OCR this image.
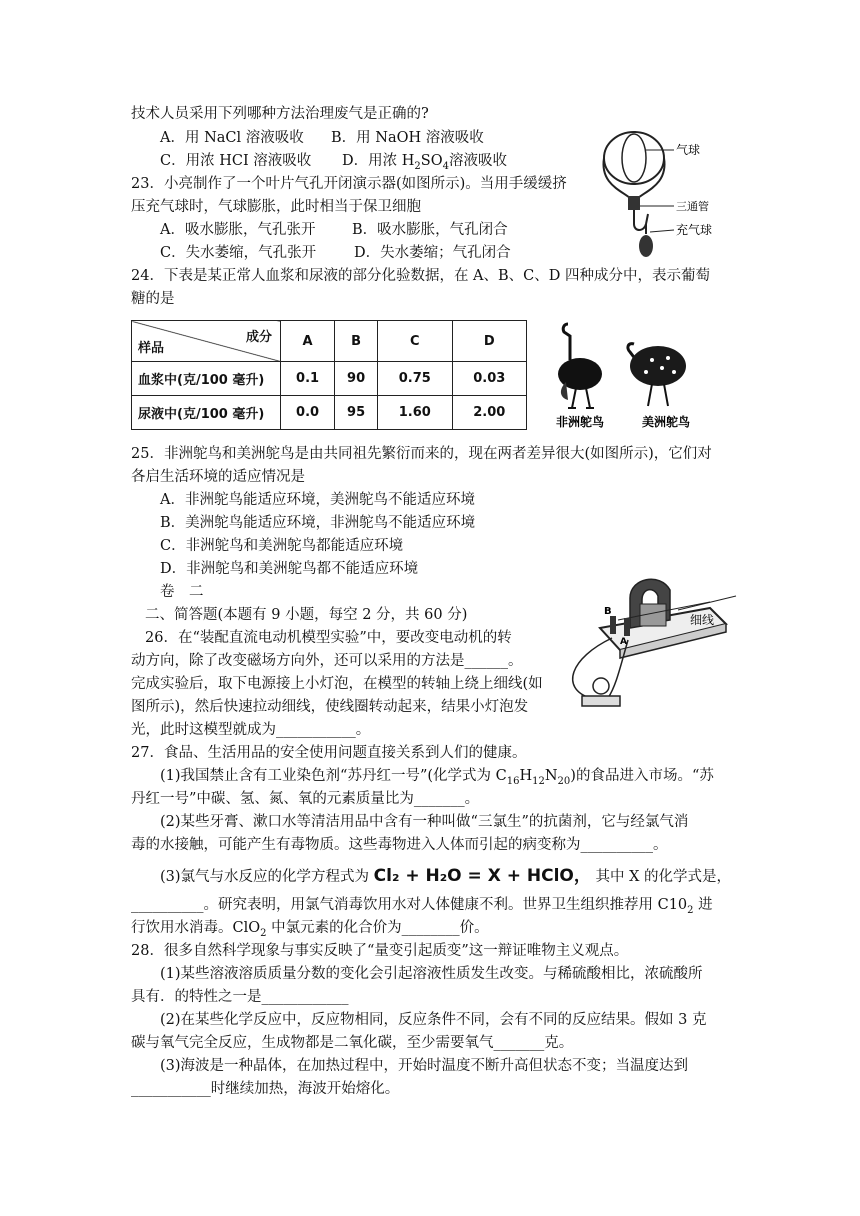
技术人员采用下列哪种方法治理废气是正确的?
A．用 NaCl 溶液吸收 B．用 NaOH 溶液吸收
C．用浓 HCI 溶液吸收 D．用浓 $H_2SO_4$溶液吸收
23．小亮制作了一个叶片气孔开闭演示器(如图所示)。当用手缓缓挤
压充气球时，气球膨胀，此时相当于保卫细胞
A．吸水膨胀，气孔张开	B．吸水膨胀，气孔闭合
C．失水萎缩，气孔张开	D．失水萎缩；气孔闭合
24．下表是某正常人血浆和尿液的部分化验数据，在 A、B、C、D 四种成分中，表示葡萄
糖的是
成分
样品	A	B	C	D
血浆中(克/100 毫升)	0.1	90	0.75	0.03
尿液中(克/100 毫升)	0.0	95	1.60	2.00
25．非洲鸵鸟和美洲鸵鸟是由共同祖先繁衍而来的，现在两者差异很大(如图所示)，它们对
各启生活环境的适应情况是
A．非洲鸵鸟能适应环境，美洲鸵鸟不能适应环境
B．美洲鸵鸟能适应环境，非洲鸵鸟不能适应环境
C．非洲鸵鸟和美洲鸵鸟都能适应环境
D．非洲鸵鸟和美洲鸵鸟都不能适应环境
卷　二
二、简答题(本题有 9 小题，每空 2 分，共 60 分)
26．在“装配直流电动机模型实验”中，要改变电动机的转
动方向，除了改变磁场方向外，还可以采用的方法是______。
完成实验后，取下电源接上小灯泡，在模型的转轴上绕上细线(如
图所示)，然后快速拉动细线，使线圈转动起来，结果小灯泡发
光，此时这模型就成为___________。
27．食品、生活用品的安全使用问题直接关系到人们的健康。
(1)我国禁止含有工业染色剂“苏丹红一号”(化学式为 $C_{16}H_{12}N_{20}$)的食品进入市场。“苏
丹红一号”中碳、氢、氮、氧的元素质量比为_______。
(2)某些牙膏、漱口水等清洁用品中含有一种叫做“三氯生”的抗菌剂，它与经氯气消
毒的水接触，可能产生有毒物质。这些毒物进入人体而引起的病变称为__________。
(3)氯气与水反应的化学方程式为 Cl₂ + H₂O = X + HClO， 其中 X 的化学式是，
__________。研究表明，用氯气消毒饮用水对人体健康不利。世界卫生组织推荐用 $C10_2$ 进
行饮用水消毒。ClO$_2$ 中氯元素的化合价为________价。
28．很多自然科学现象与事实反映了“量变引起质变”这一辩证唯物主义观点。
(1)某些溶液溶质质量分数的变化会引起溶液性质发生改变。与稀硫酸相比，浓硫酸所
具有．的特性之一是____________
(2)在某些化学反应中，反应物相同，反应条件不同，会有不同的反应结果。假如 3 克
碳与氧气完全反应，生成物都是二氧化碳，至少需要氧气_______克。
(3)海波是一种晶体，在加热过程中，开始时温度不断升高但状态不变；当温度达到
___________时继续加热，海波开始熔化。
气球
三通管
充气球
非洲鸵鸟	美洲鸵鸟
B
A
细线
